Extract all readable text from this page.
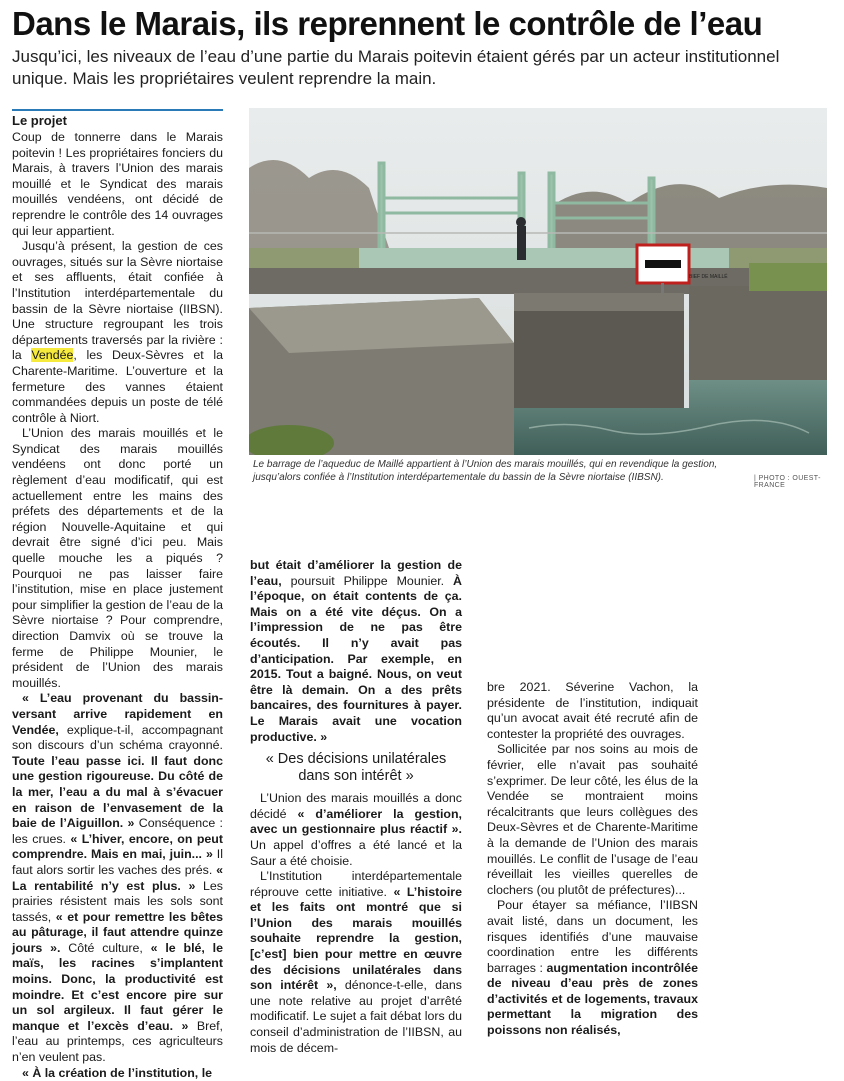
Dans le Marais, ils reprennent le contrôle de l’eau
Jusqu’ici, les niveaux de l’eau d’une partie du Marais poitevin étaient gérés par un acteur institutionnel unique. Mais les propriétaires veulent reprendre la main.
Le projet

Coup de tonnerre dans le Marais poitevin ! Les propriétaires fonciers du Marais, à travers l’Union des marais mouillé et le Syndicat des marais mouillés vendéens, ont décidé de reprendre le contrôle des 14 ouvrages qui leur appartient.

Jusqu’à présent, la gestion de ces ouvrages, situés sur la Sèvre niortaise et ses affluents, était confiée à l’Institution interdépartementale du bassin de la Sèvre niortaise (IIBSN). Une structure regroupant les trois départements traversés par la rivière : la Vendée, les Deux-Sèvres et la Charente-Maritime. L’ouverture et la fermeture des vannes étaient commandées depuis un poste de télé contrôle à Niort.

L’Union des marais mouillés et le Syndicat des marais mouillés vendéens ont donc porté un règlement d’eau modificatif, qui est actuellement entre les mains des préfets des départements et de la région Nouvelle-Aquitaine et qui devrait être signé d’ici peu. Mais quelle mouche les a piqués ? Pourquoi ne pas laisser faire l’institution, mise en place justement pour simplifier la gestion de l’eau de la Sèvre niortaise ? Pour comprendre, direction Damvix où se trouve la ferme de Philippe Mounier, le président de l’Union des marais mouillés.

« L’eau provenant du bassin-versant arrive rapidement en Vendée, explique-t-il, accompagnant son discours d’un schéma crayonné. Toute l’eau passe ici. Il faut donc une gestion rigoureuse. Du côté de la mer, l’eau a du mal à s’évacuer en raison de l’envasement de la baie de l’Aiguillon. » Conséquence : les crues. « L’hiver, encore, on peut comprendre. Mais en mai, juin... » Il faut alors sortir les vaches des prés. « La rentabilité n’y est plus. » Les prairies résistent mais les sols sont tassés, « et pour remettre les bêtes au pâturage, il faut attendre quinze jours ». Côté culture, « le blé, le maïs, les racines s’implantent moins. Donc, la productivité est moindre. Et c’est encore pire sur un sol argileux. Il faut gérer le manque et l’excès d’eau. » Bref, l’eau au printemps, ces agriculteurs n’en veulent pas.

« À la création de l’institution, le

BIEF DE MAILLÉ
Le barrage de l’aqueduc de Maillé appartient à l’Union des marais mouillés, qui en revendique la gestion, jusqu’alors confiée à l’Institution interdépartementale du bassin de la Sèvre niortaise (IIBSN).	| PHOTO : OUEST-FRANCE

but était d’améliorer la gestion de l’eau, poursuit Philippe Mounier. À l’époque, on était contents de ça. Mais on a été vite déçus. On a l’impression de ne pas être écoutés. Il n’y avait pas d’anticipation. Par exemple, en 2015. Tout a baigné. Nous, on veut être là demain. On a des prêts bancaires, des fournitures à payer. Le Marais avait une vocation productive. »

« Des décisions unilatérales dans son intérêt »

L’Union des marais mouillés a donc décidé « d’améliorer la gestion, avec un gestionnaire plus réactif ». Un appel d’offres a été lancé et la Saur a été choisie.

L’Institution interdépartementale réprouve cette initiative. « L’histoire et les faits ont montré que si l’Union des marais mouillés souhaite reprendre la gestion, [c’est] bien pour mettre en œuvre des décisions unilatérales dans son intérêt », dénonce-t-elle, dans une note relative au projet d’arrêté modificatif. Le sujet a fait débat lors du conseil d’administration de l’IIBSN, au mois de décem-

bre 2021. Séverine Vachon, la présidente de l’institution, indiquait qu’un avocat avait été recruté afin de contester la propriété des ouvrages.

Sollicitée par nos soins au mois de février, elle n’avait pas souhaité s’exprimer. De leur côté, les élus de la Vendée se montraient moins récalcitrants que leurs collègues des Deux-Sèvres et de Charente-Maritime à la demande de l’Union des marais mouillés. Le conflit de l’usage de l’eau réveillait les vieilles querelles de clochers (ou plutôt de préfectures)...

Pour étayer sa méfiance, l’IIBSN avait listé, dans un document, les risques identifiés d’une mauvaise coordination entre les différents barrages : augmentation incontrôlée de niveau d’eau près de zones d’activités et de logements, travaux permettant la migration des poissons non réalisés,
